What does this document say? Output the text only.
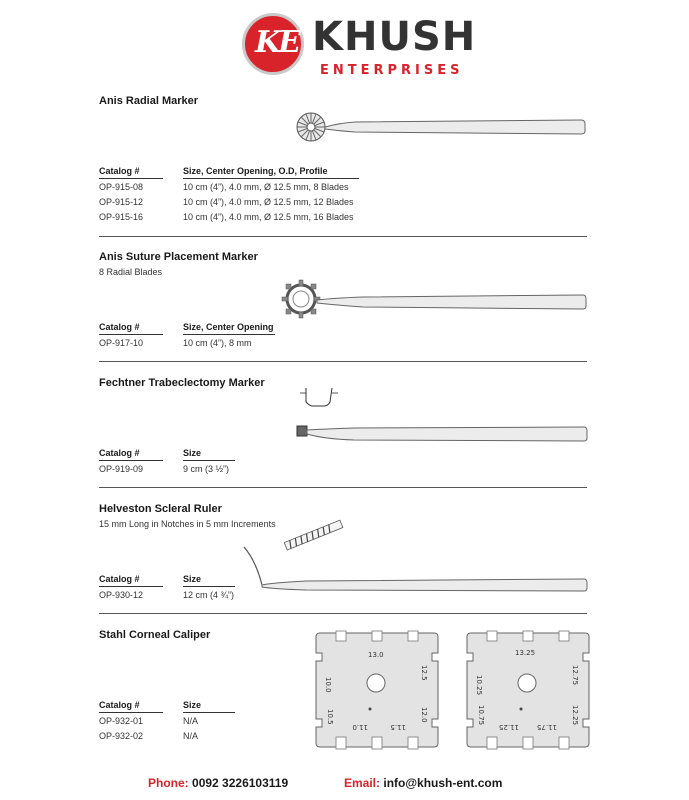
KE KHUSH
ENTERPRISES
Anis Radial Marker
Catalog #	Size, Center Opening, O.D, Profile
OP-915-08	10 cm (4”), 4.0 mm, Ø 12.5 mm, 8 Blades
OP-915-12	10 cm (4”), 4.0 mm, Ø 12.5 mm, 12 Blades
OP-915-16	10 cm (4”), 4.0 mm, Ø 12.5 mm, 16 Blades
Anis Suture Placement Marker
8 Radial Blades
Catalog #	Size, Center Opening
OP-917-10	10 cm (4”), 8 mm
Fechtner Trabeclectomy Marker
Catalog #	Size
OP-919-09	9 cm (3 ½”)
Helveston Scleral Ruler
15 mm Long in Notches in 5 mm Increments
Catalog #	Size
OP-930-12	12 cm (4 ¾”)
Stahl Corneal Caliper
13.0
10.0
12.5
10.5	12.0
11.0	11.5
13.25
10.25	12.75
10.75	12.25
11.25	11.75
Catalog #	Size
OP-932-01	N/A
OP-932-02	N/A
Phone: 0092 3226103119	Email: info@khush-ent.com
